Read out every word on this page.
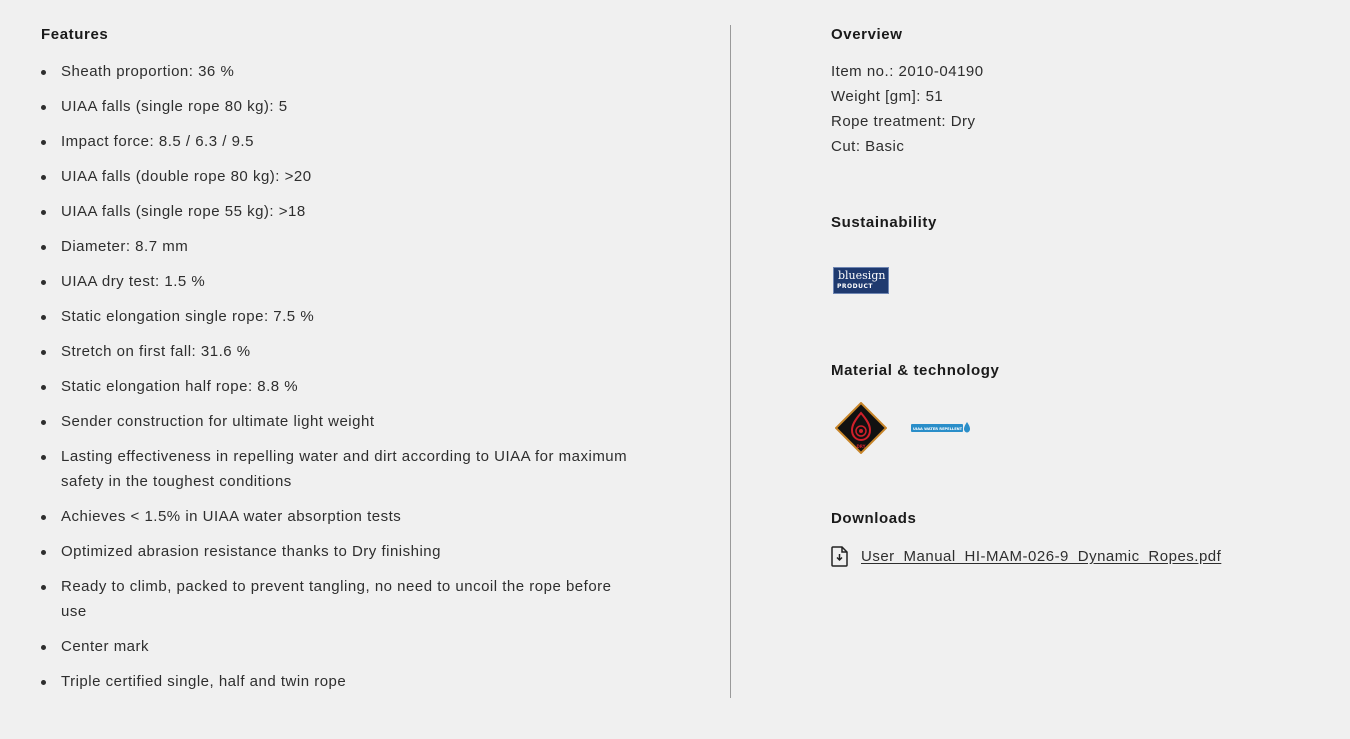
Features
Sheath proportion: 36 %
UIAA falls (single rope 80 kg): 5
Impact force: 8.5 / 6.3 / 9.5
UIAA falls (double rope 80 kg): >20
UIAA falls (single rope 55 kg): >18
Diameter: 8.7 mm
UIAA dry test: 1.5 %
Static elongation single rope: 7.5 %
Stretch on first fall: 31.6 %
Static elongation half rope: 8.8 %
Sender construction for ultimate light weight
Lasting effectiveness in repelling water and dirt according to UIAA for maximum safety in the toughest conditions
Achieves < 1.5% in UIAA water absorption tests
Optimized abrasion resistance thanks to Dry finishing
Ready to climb, packed to prevent tangling, no need to uncoil the rope before use
Center mark
Triple certified single, half and twin rope
Overview
Item no.: 2010-04190
Weight [gm]: 51
Rope treatment: Dry
Cut: Basic
Sustainability
bluesign
PRODUCT
Material & technology
DRY
UIAA WATER REPELLENT
Downloads
User_Manual_HI-MAM-026-9_Dynamic_Ropes.pdf
